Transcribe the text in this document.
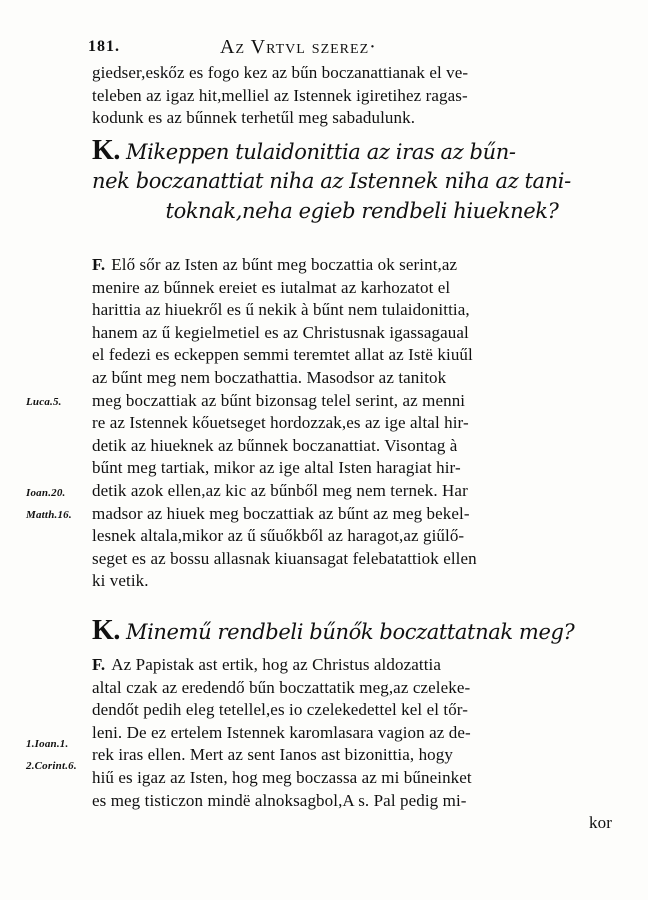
181.	Az Vrtvl szerez·
giedser,eskőz es fogo kez az bűn boczanattianak el ve-
teleben az igaz hit,melliel az Istennek igiretihez ragas-
kodunk es az bűnnek terhetűl meg sabadulunk.
K. Mikeppen tulaidonittia az iras az bűn-
nek boczanattiat niha az Istennek niha az tani-
toknak,neha egieb rendbeli hiueknek?
F. Elő sőr az Isten az bűnt meg boczattia ok serint,az
menire az bűnnek ereiet es iutalmat az karhozatot el
harittia az hiuekről es ű nekik à bűnt nem tulaidonittia,
hanem az ű kegielmetiel es az Christusnak igassagaual
el fedezi es eckeppen semmi teremtet allat az Istë kiuűl
az bűnt meg nem boczathattia. Masodsor az tanitok
meg boczattiak az bűnt bizonsag telel serint, az menni
re az Istennek kőuetseget hordozzak,es az ige altal hir-
detik az hiueknek az bűnnek boczanattiat. Visontag à
bűnt meg tartiak, mikor az ige altal Isten haragiat hir-
detik azok ellen,az kic az bűnből meg nem ternek. Har
madsor az hiuek meg boczattiak az bűnt az meg bekel-
lesnek altala,mikor az ű sűuőkből az haragot,az giűlő-
seget es az bossu allasnak kiuansagat felebatattiok ellen
ki vetik.
K. Minemű rendbeli bűnők boczattatnak meg?
F. Az Papistak ast ertik, hog az Christus aldozattia
altal czak az eredendő bűn boczattatik meg,az czeleke-
dendőt pedih eleg tetellel,es io czelekedettel kel el tőr-
leni. De ez ertelem Istennek karomlasara vagion az de-
rek iras ellen. Mert az sent Ianos ast bizonittia, hogy
hiű es igaz az Isten, hog meg boczassa az mi bűneinket
es meg tisticzon mindë alnoksagbol,A s. Pal pedig mi-
kor
Luca.5.
Ioan.20.
Matth.16.
1.Ioan.1.
2.Corint.6.
